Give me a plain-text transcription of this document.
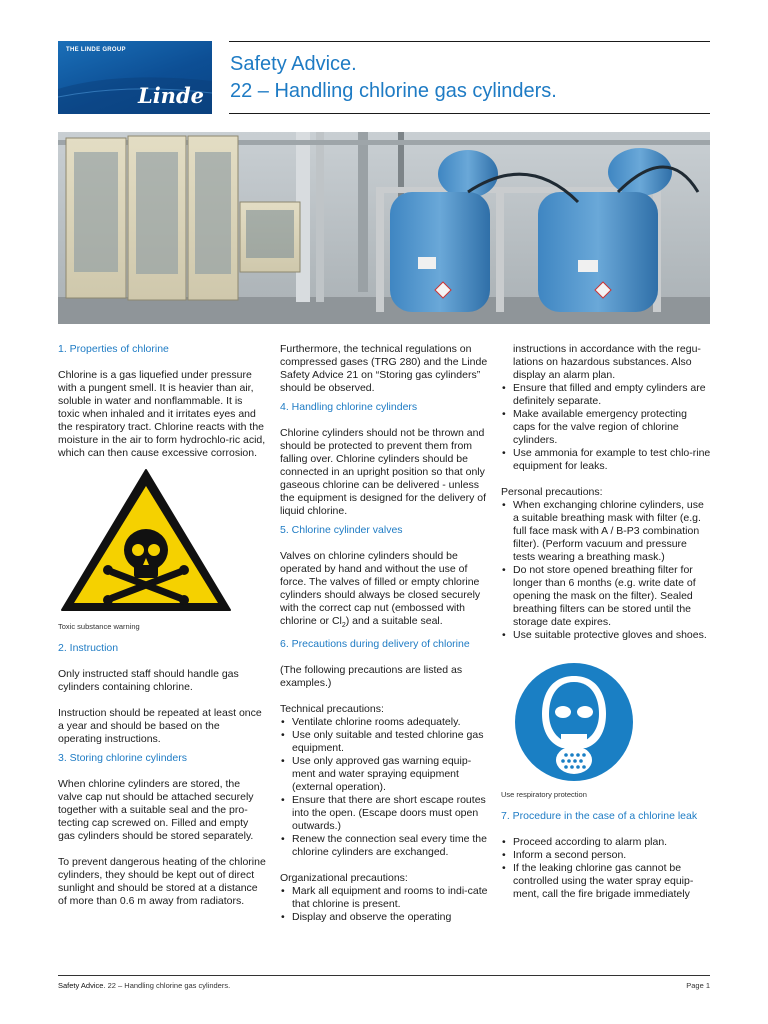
THE LINDE GROUP
Linde
Safety Advice.
22 – Handling chlorine gas cylinders.

1. Properties of chlorine

Chlorine is a gas liquefied under pressure with a pungent smell. It is heavier than air, soluble in water and nonflammable. It is toxic when inhaled and it irritates eyes and the respiratory tract. Chlorine reacts with the moisture in the air to form hydrochlo-ric acid, which can then cause excessive corrosion.

Toxic substance warning

2. Instruction

Only instructed staff should handle gas cylinders containing chlorine.

Instruction should be repeated at least once a year and should be based on the operating instructions.

3. Storing chlorine cylinders

When chlorine cylinders are stored, the valve cap nut should be attached securely together with a suitable seal and the pro-tecting cap screwed on. Filled and empty gas cylinders should be stored separately.

To prevent dangerous heating of the chlorine cylinders, they should be kept out of direct sunlight and should be stored at a distance of more than 0.6 m away from radiators.

Furthermore, the technical regulations on compressed gases (TRG 280) and the Linde Safety Advice 21 on “Storing gas cylinders” should be observed.

4. Handling chlorine cylinders

Chlorine cylinders should not be thrown and should be protected to prevent them from falling over. Chlorine cylinders should be connected in an upright position so that only gaseous chlorine can be delivered - unless the equipment is designed for the delivery of liquid chlorine.

5. Chlorine cylinder valves

Valves on chlorine cylinders should be operated by hand and without the use of force. The valves of filled or empty chlorine cylinders should always be closed securely with the correct cap nut (embossed with chlorine or $Cl_2$) and a suitable seal.

6. Precautions during delivery of chlorine

(The following precautions are listed as examples.)

Technical precautions:

• Ventilate chlorine rooms adequately.
• Use only suitable and tested chlorine gas equipment.
• Use only approved gas warning equip-ment and water spraying equipment (external operation).
• Ensure that there are short escape routes into the open. (Escape doors must open outwards.)
• Renew the connection seal every time the chlorine cylinders are exchanged.

Organizational precautions:

• Mark all equipment and rooms to indi-cate that chlorine is present.
• Display and observe the operating

instructions in accordance with the regu-lations on hazardous substances. Also display an alarm plan.

• Ensure that filled and empty cylinders are definitely separate.
• Make available emergency protecting caps for the valve region of chlorine cylinders.
• Use ammonia for example to test chlo-rine equipment for leaks.

Personal precautions:

• When exchanging chlorine cylinders, use a suitable breathing mask with filter (e.g. full face mask with A / B-P3 combination filter). (Perform vacuum and pressure tests wearing a breathing mask.)
• Do not store opened breathing filter for longer than 6 months (e.g. write date of opening the mask on the filter). Sealed breathing filters can be stored until the storage date expires.
• Use suitable protective gloves and shoes.

Use respiratory protection

7. Procedure in the case of a chlorine leak

• Proceed according to alarm plan.
• Inform a second person.
• If the leaking chlorine gas cannot be controlled using the water spray equip-ment, call the fire brigade immediately
Safety Advice. 22 – Handling chlorine gas cylinders.	Page 1
